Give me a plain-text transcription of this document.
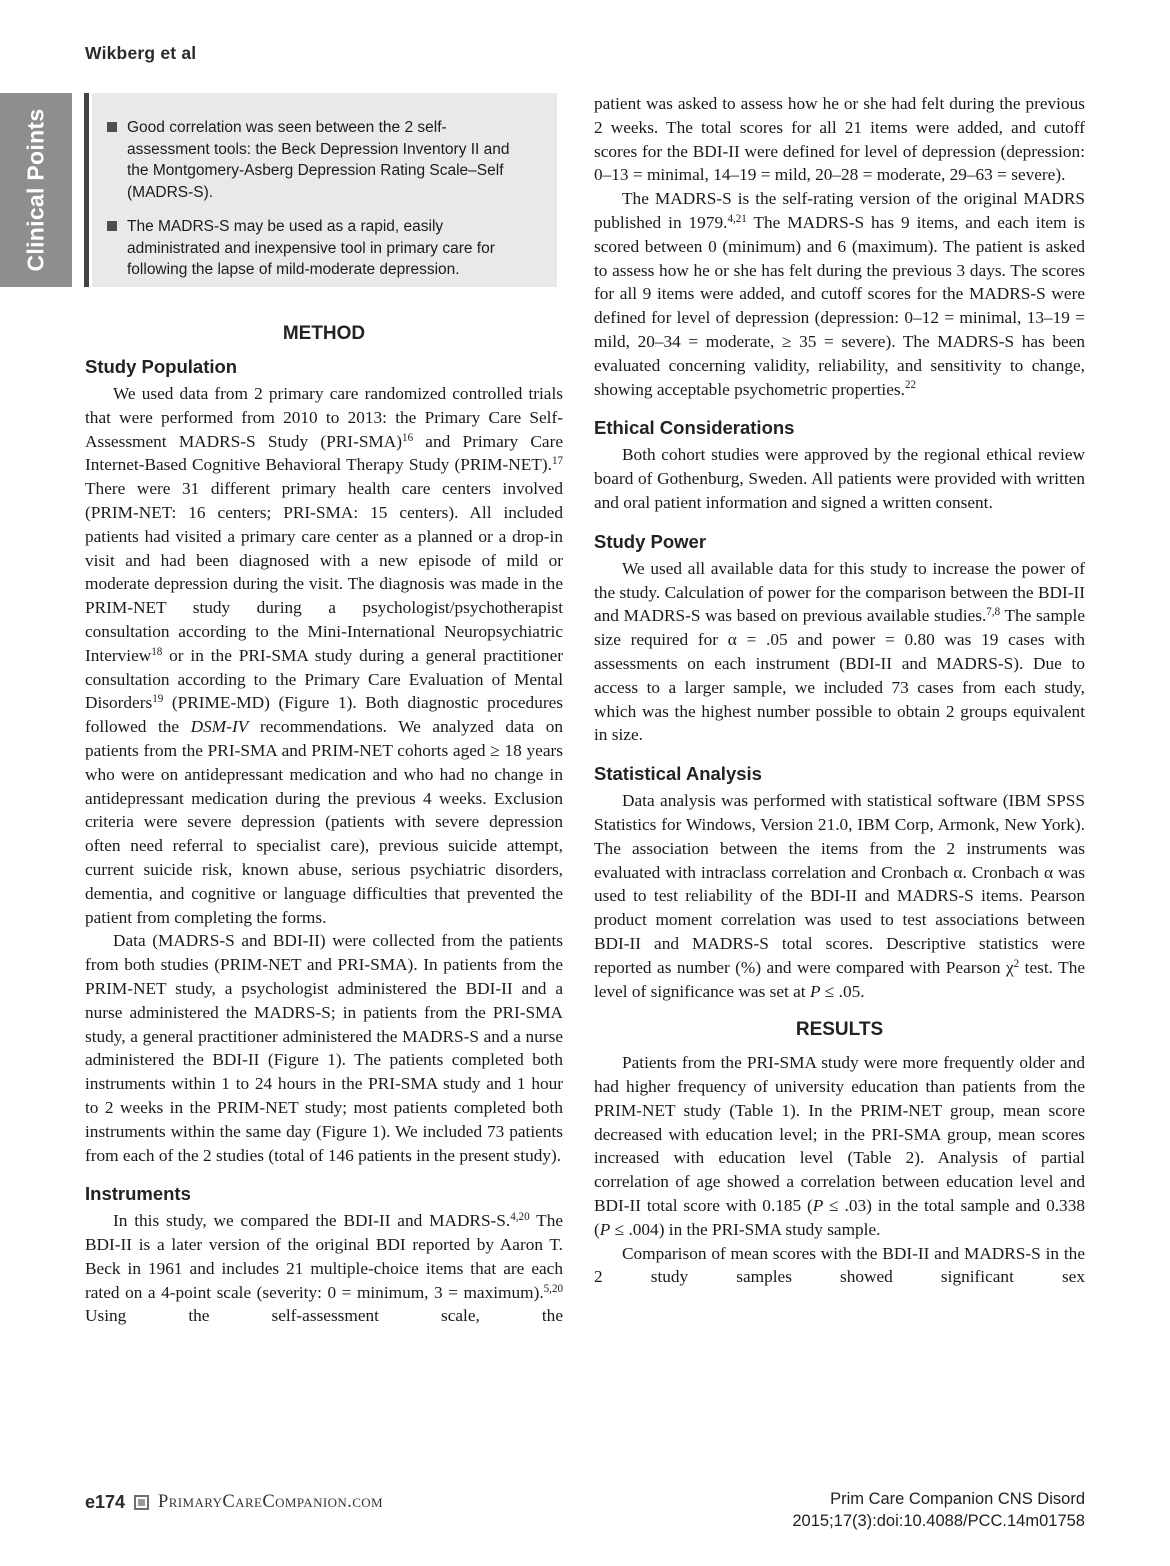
Wikberg et al
Clinical Points	Good correlation was seen between the 2 self-assessment tools: the Beck Depression Inventory II and the Montgomery-Asberg Depression Rating Scale–Self (MADRS-S).
The MADRS-S may be used as a rapid, easily administrated and inexpensive tool in primary care for following the lapse of mild-moderate depression.
METHOD
Study Population

We used data from 2 primary care randomized controlled trials that were performed from 2010 to 2013: the Primary Care Self-Assessment MADRS-S Study $(PRI-SMA)^{16}$ and Primary Care Internet-Based Cognitive Behavioral Therapy Study (PRIM-NET).$^{17}$ There were 31 different primary health care centers involved (PRIM-NET: 16 centers; PRI-SMA: 15 centers). All included patients had visited a primary care center as a planned or a drop-in visit and had been diagnosed with a new episode of mild or moderate depression during the visit. The diagnosis was made in the PRIM-NET study during a psychologist/psychotherapist consultation according to the Mini-International Neuropsychiatric Interview$^{18}$ or in the PRI-SMA study during a general practitioner consultation according to the Primary Care Evaluation of Mental Disorders$^{19}$ (PRIME-MD) (Figure 1). Both diagnostic procedures followed the DSM-IV recommendations. We analyzed data on patients from the PRI-SMA and PRIM-NET cohorts aged ≥ 18 years who were on antidepressant medication and who had no change in antidepressant medication during the previous 4 weeks. Exclusion criteria were severe depression (patients with severe depression often need referral to specialist care), previous suicide attempt, current suicide risk, known abuse, serious psychiatric disorders, dementia, and cognitive or language difficulties that prevented the patient from completing the forms.

Data (MADRS-S and BDI-II) were collected from the patients from both studies (PRIM-NET and PRI-SMA). In patients from the PRIM-NET study, a psychologist administered the BDI-II and a nurse administered the MADRS-S; in patients from the PRI-SMA study, a general practitioner administered the MADRS-S and a nurse administered the BDI-II (Figure 1). The patients completed both instruments within 1 to 24 hours in the PRI-SMA study and 1 hour to 2 weeks in the PRIM-NET study; most patients completed both instruments within the same day (Figure 1). We included 73 patients from each of the 2 studies (total of 146 patients in the present study).

Instruments

In this study, we compared the BDI-II and MADRS-S.$^{4,20}$ The BDI-II is a later version of the original BDI reported by Aaron T. Beck in 1961 and includes 21 multiple-choice items that are each rated on a 4-point scale (severity: 0 = minimum, 3 = maximum).$^{5,20}$ Using the self-assessment scale, the

patient was asked to assess how he or she had felt during the previous 2 weeks. The total scores for all 21 items were added, and cutoff scores for the BDI-II were defined for level of depression (depression: 0–13 = minimal, 14–19 = mild, 20–28 = moderate, 29–63 = severe).

The MADRS-S is the self-rating version of the original MADRS published in 1979.$^{4,21}$ The MADRS-S has 9 items, and each item is scored between 0 (minimum) and 6 (maximum). The patient is asked to assess how he or she has felt during the previous 3 days. The scores for all 9 items were added, and cutoff scores for the MADRS-S were defined for level of depression (depression: 0–12 = minimal, 13–19 = mild, 20–34 = moderate, ≥ 35 = severe). The MADRS-S has been evaluated concerning validity, reliability, and sensitivity to change, showing acceptable psychometric properties.$^{22}$

Ethical Considerations

Both cohort studies were approved by the regional ethical review board of Gothenburg, Sweden. All patients were provided with written and oral patient information and signed a written consent.

Study Power

We used all available data for this study to increase the power of the study. Calculation of power for the comparison between the BDI-II and MADRS-S was based on previous available studies.$^{7,8}$ The sample size required for α = .05 and power = 0.80 was 19 cases with assessments on each instrument (BDI-II and MADRS-S). Due to access to a larger sample, we included 73 cases from each study, which was the highest number possible to obtain 2 groups equivalent in size.

Statistical Analysis

Data analysis was performed with statistical software (IBM SPSS Statistics for Windows, Version 21.0, IBM Corp, Armonk, New York). The association between the items from the 2 instruments was evaluated with intraclass correlation and Cronbach α. Cronbach α was used to test reliability of the BDI-II and MADRS-S items. Pearson product moment correlation was used to test associations between BDI-II and MADRS-S total scores. Descriptive statistics were reported as number (%) and were compared with Pearson $\chi^2$ test. The level of significance was set at P ≤ .05.

RESULTS

Patients from the PRI-SMA study were more frequently older and had higher frequency of university education than patients from the PRIM-NET study (Table 1). In the PRIM-NET group, mean score decreased with education level; in the PRI-SMA group, mean scores increased with education level (Table 2). Analysis of partial correlation of age showed a correlation between education level and BDI-II total score with 0.185 (P ≤ .03) in the total sample and 0.338 (P ≤ .004) in the PRI-SMA study sample.

Comparison of mean scores with the BDI-II and MADRS-S in the 2 study samples showed significant sex

e174 PrimaryCareCompanion.com	Prim Care Companion CNS Disord
2015;17(3):doi:10.4088/PCC.14m01758
